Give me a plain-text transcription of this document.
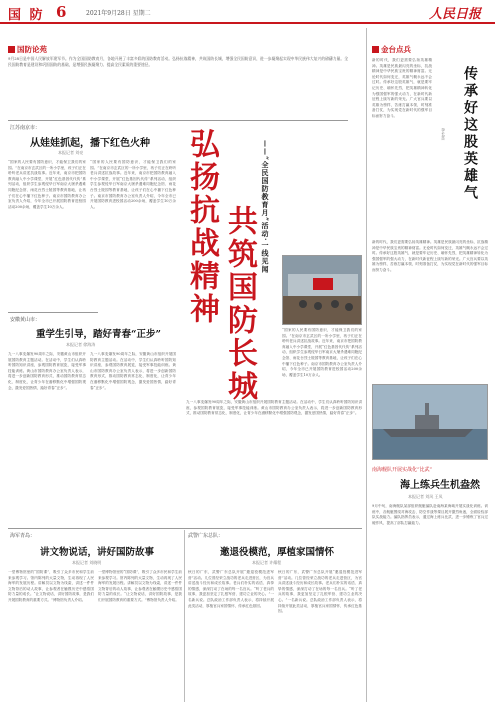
国 防 6	2021年9月28日 星期二	人民日报
国防论苑
9月28日是中国人民解放军建军节。作为全国国防教育月，各地开展了丰富多彩的国防教育活动。弘扬抗战精神，共筑国防长城，增强全民国防意识，进一步凝聚起实现中华民族伟大复兴的磅礴力量。全民国防教育是建设和巩固国防的基础，是增强民族凝聚力、提高全民素质的重要途径。
弘扬抗战精神 共筑国防长城 ——“全民国防教育月”活动·一线见闻
江苏南京市：
从娃娃抓起，播下红色火种
本报记者 刘亮
“国家的人民要有国防意识，才能保卫我们的家园。”在南京市玄武区的一所小学里，孩子们正在聆听老兵讲述抗战故事。近年来，南京市把国防教育融入中小学课堂，开展“红色基因代代传”系列活动，组织学生参观侵华日军南京大屠杀遇难同胞纪念馆、雨花台烈士陵园等教育基地，让孩子们在心中播下红色种子。南京市国防教育办公室负责人介绍，今年全市已开展国防教育进校园活动200余场，覆盖学生10万余人。
“国家的人民要有国防意识，才能保卫我们的家园。”在南京市玄武区的一所小学里，孩子们正在聆听老兵讲述抗战故事。近年来，南京市把国防教育融入中小学课堂，开展“红色基因代代传”系列活动，组织学生参观侵华日军南京大屠杀遇难同胞纪念馆、雨花台烈士陵园等教育基地，让孩子们在心中播下红色种子。南京市国防教育办公室负责人介绍，今年全市已开展国防教育进校园活动200余场，覆盖学生10万余人。
安徽黄山市：
重学生引导，踏好青春“正步”
本报记者 徐海涛
九一八事变爆发90周年之际，安徽黄山市组织开展国防教育主题活动。在活动中，学生们认真聆听国防知识讲座，参观国防教育展览，接受军事技能训练。黄山市国防教育办公室负责人表示，将进一步创新国防教育形式，推动国防教育常态化、制度化，让青少年在潜移默化中增强国防观念，激发爱国热情，踏好青春“正步”。
九一八事变爆发90周年之际，安徽黄山市组织开展国防教育主题活动。在活动中，学生们认真聆听国防知识讲座，参观国防教育展览，接受军事技能训练。黄山市国防教育办公室负责人表示，将进一步创新国防教育形式，推动国防教育常态化、制度化，让青少年在潜移默化中增强国防观念，激发爱国热情，踏好青春“正步”。
九一八事变爆发90周年之际，安徽黄山市组织开展国防教育主题活动。在活动中，学生们认真聆听国防知识讲座，参观国防教育展览，接受军事技能训练。黄山市国防教育办公室负责人表示，将进一步创新国防教育形式，推动国防教育常态化、制度化，让青少年在潜移默化中增强国防观念，激发爱国热情，踏好青春“正步”。
“国家的人民要有国防意识，才能保卫我们的家园。”在南京市玄武区的一所小学里，孩子们正在聆听老兵讲述抗战故事。近年来，南京市把国防教育融入中小学课堂，开展“红色基因代代传”系列活动，组织学生参观侵华日军南京大屠杀遇难同胞纪念馆、雨花台烈士陵园等教育基地，让孩子们在心中播下红色种子。南京市国防教育办公室负责人介绍，今年全市已开展国防教育进校园活动200余场，覆盖学生10万余人。
海军青岛：
讲文物说话，讲好国防故事
本报记者 刘晓明
一堂博物馆里的“国防课”，吸引了众多市民和学生前来参观学习。馆内陈列的大量文物，生动再现了人民海军的发展历程。讲解员以文物为线索，讲述一件件文物背后的动人故事，让参观者在触摸历史中感悟国防力量的成长。“让文物说话，讲好国防故事，是我们开展国防教育的重要方式。”博物馆负责人介绍。
一堂博物馆里的“国防课”，吸引了众多市民和学生前来参观学习。馆内陈列的大量文物，生动再现了人民海军的发展历程。讲解员以文物为线索，讲述一件件文物背后的动人故事，让参观者在触摸历史中感悟国防力量的成长。“让文物说话，讲好国防故事，是我们开展国防教育的重要方式。”博物馆负责人介绍。
武警广东总队：
邀退役模范，厚植家国情怀
本报记者 许耀程
秋日的广东，武警广东总队开展“邀退役模范进军营”活动。几位曾经荣立战功的老兵走进营区，为官兵讲述战斗经历和成长故事。老兵们朴实的话语、真挚的情感，深深打动了在场的每一名官兵。“听了老兵的故事，我更加坚定了扎根军营、建功立业的决心。”一名新兵说。总队政治工作部负责人表示，将持续开展此类活动，厚植官兵家国情怀，传承红色基因。
秋日的广东，武警广东总队开展“邀退役模范进军营”活动。几位曾经荣立战功的老兵走进营区，为官兵讲述战斗经历和成长故事。老兵们朴实的话语、真挚的情感，深深打动了在场的每一名官兵。“听了老兵的故事，我更加坚定了扎根军营、建功立业的决心。”一名新兵说。总队政治工作部负责人表示，将持续开展此类活动，厚植官兵家国情怀，传承红色基因。
金台点兵
传承好这股英雄气
李长喜
新的时代，我们更需要弘扬英雄精神。英雄是民族最闪亮的坐标，抗战精神是中华民族宝贵的精神财富。无论时代如何变迁，英雄气概永远不会过时。传承好这股英雄气，就是要牢记历史、缅怀先烈，把英雄精神转化为强国强军的强大动力，在新时代新征程上续写新的荣光。广大官兵要以英雄为榜样，苦练打赢本领，时刻准备打仗，为实现党在新时代的强军目标而努力奋斗。
新的时代，我们更需要弘扬英雄精神。英雄是民族最闪亮的坐标，抗战精神是中华民族宝贵的精神财富。无论时代如何变迁，英雄气概永远不会过时。传承好这股英雄气，就是要牢记历史、缅怀先烈，把英雄精神转化为强国强军的强大动力，在新时代新征程上续写新的荣光。广大官兵要以英雄为榜样，苦练打赢本领，时刻准备打仗，为实现党在新时代的强军目标而努力奋斗。
南海舰队开展实战化“比武”
海上练兵生机盎然
本报记者 刘风 王凤
9月中旬，南海舰队某部组织舰艇编队赴南海某海域开展实战化训练。训练中，各舰艇围绕对海攻击、防空作战等课目展开激烈角逐，全面检验部队实战能力。编队指挥员表示，通过海上练兵比武，进一步锤炼了官兵过硬作风，提高了部队打赢能力。
